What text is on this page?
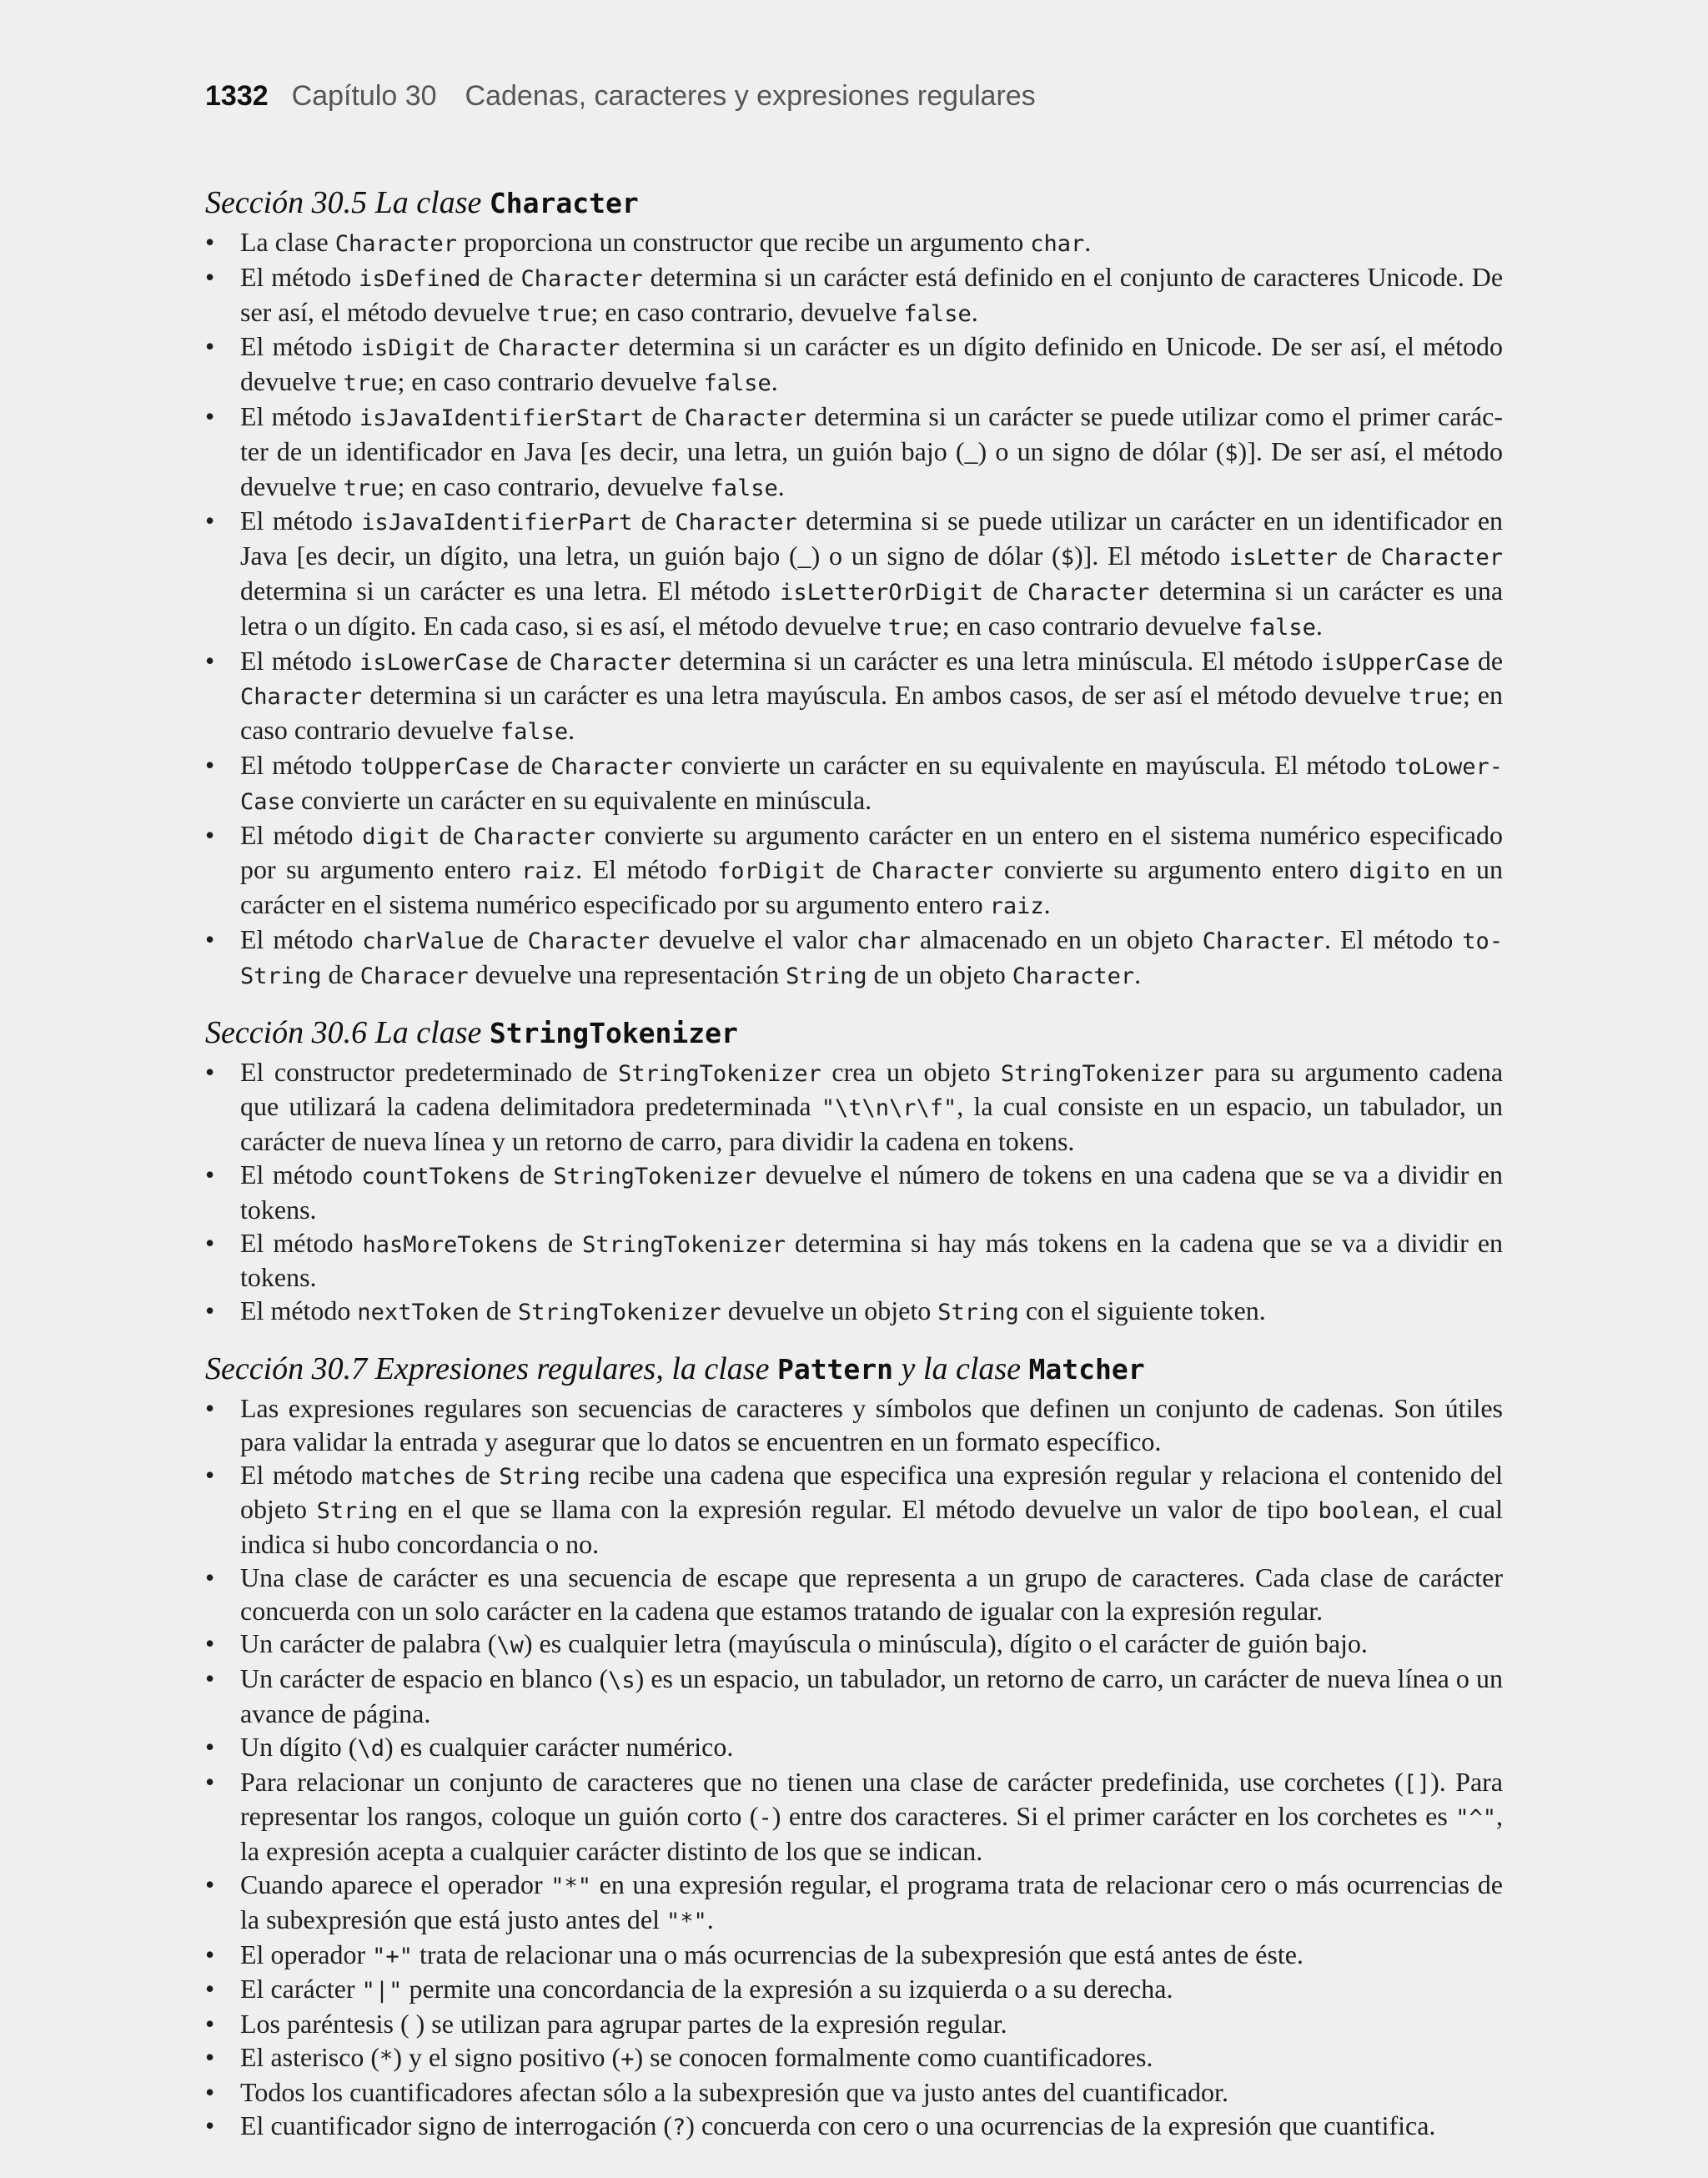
1332 Capítulo 30 Cadenas, caracteres y expresiones regulares
Sección 30.5 La clase Character
• La clase Character proporciona un constructor que recibe un argumento char.
• El método isDefined de Character determina si un carácter está definido en el conjunto de caracteres Unicode. De ser así, el método devuelve true; en caso contrario, devuelve false.
• El método isDigit de Character determina si un carácter es un dígito definido en Unicode. De ser así, el método devuelve true; en caso contrario devuelve false.
• El método isJavaIdentifierStart de Character determina si un carácter se puede utilizar como el primer carácter de un identificador en Java [es decir, una letra, un guión bajo (_) o un signo de dólar ($)]. De ser así, el método devuelve true; en caso contrario, devuelve false.
• El método isJavaIdentifierPart de Character determina si se puede utilizar un carácter en un identificador en Java [es decir, un dígito, una letra, un guión bajo (_) o un signo de dólar ($)]. El método isLetter de Character determina si un carácter es una letra. El método isLetterOrDigit de Character determina si un carácter es una letra o un dígito. En cada caso, si es así, el método devuelve true; en caso contrario devuelve false.
• El método isLowerCase de Character determina si un carácter es una letra minúscula. El método isUpperCase de Character determina si un carácter es una letra mayúscula. En ambos casos, de ser así el método devuelve true; en caso contrario devuelve false.
• El método toUpperCase de Character convierte un carácter en su equivalente en mayúscula. El método toLowerCase convierte un carácter en su equivalente en minúscula.
• El método digit de Character convierte su argumento carácter en un entero en el sistema numérico especificado por su argumento entero raiz. El método forDigit de Character convierte su argumento entero digito en un carácter en el sistema numérico especificado por su argumento entero raiz.
• El método charValue de Character devuelve el valor char almacenado en un objeto Character. El método toString de Characer devuelve una representación String de un objeto Character.
Sección 30.6 La clase StringTokenizer
• El constructor predeterminado de StringTokenizer crea un objeto StringTokenizer para su argumento cadena que utilizará la cadena delimitadora predeterminada "\t\n\r\f", la cual consiste en un espacio, un tabulador, un carácter de nueva línea y un retorno de carro, para dividir la cadena en tokens.
• El método countTokens de StringTokenizer devuelve el número de tokens en una cadena que se va a dividir en tokens.
• El método hasMoreTokens de StringTokenizer determina si hay más tokens en la cadena que se va a dividir en tokens.
• El método nextToken de StringTokenizer devuelve un objeto String con el siguiente token.
Sección 30.7 Expresiones regulares, la clase Pattern y la clase Matcher
• Las expresiones regulares son secuencias de caracteres y símbolos que definen un conjunto de cadenas. Son útiles para validar la entrada y asegurar que lo datos se encuentren en un formato específico.
• El método matches de String recibe una cadena que especifica una expresión regular y relaciona el contenido del objeto String en el que se llama con la expresión regular. El método devuelve un valor de tipo boolean, el cual indica si hubo concordancia o no.
• Una clase de carácter es una secuencia de escape que representa a un grupo de caracteres. Cada clase de carácter concuerda con un solo carácter en la cadena que estamos tratando de igualar con la expresión regular.
• Un carácter de palabra (\w) es cualquier letra (mayúscula o minúscula), dígito o el carácter de guión bajo.
• Un carácter de espacio en blanco (\s) es un espacio, un tabulador, un retorno de carro, un carácter de nueva línea o un avance de página.
• Un dígito (\d) es cualquier carácter numérico.
• Para relacionar un conjunto de caracteres que no tienen una clase de carácter predefinida, use corchetes ([]). Para representar los rangos, coloque un guión corto (-) entre dos caracteres. Si el primer carácter en los corchetes es "^", la expresión acepta a cualquier carácter distinto de los que se indican.
• Cuando aparece el operador "*" en una expresión regular, el programa trata de relacionar cero o más ocurrencias de la subexpresión que está justo antes del "*".
• El operador "+" trata de relacionar una o más ocurrencias de la subexpresión que está antes de éste.
• El carácter "|" permite una concordancia de la expresión a su izquierda o a su derecha.
• Los paréntesis ( ) se utilizan para agrupar partes de la expresión regular.
• El asterisco (*) y el signo positivo (+) se conocen formalmente como cuantificadores.
• Todos los cuantificadores afectan sólo a la subexpresión que va justo antes del cuantificador.
• El cuantificador signo de interrogación (?) concuerda con cero o una ocurrencias de la expresión que cuantifica.
